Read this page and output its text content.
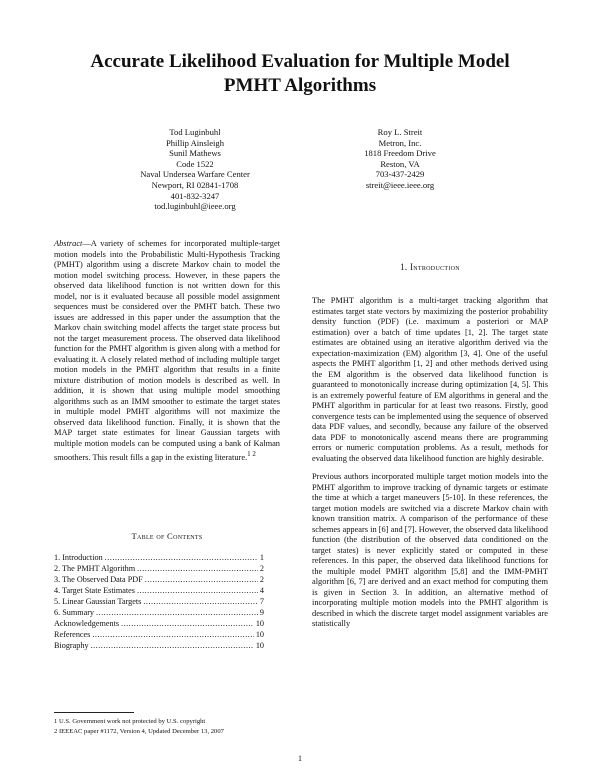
Accurate Likelihood Evaluation for Multiple Model
PMHT Algorithms
Tod Luginbuhl
Phillip Ainsleigh
Sunil Mathews
Code 1522
Naval Undersea Warfare Center
Newport, RI 02841-1708
401-832-3247
tod.luginbuhl@ieee.org
Roy L. Streit
Metron, Inc.
1818 Freedom Drive
Reston, VA
703-437-2429
streit@ieee.ieee.org

Abstract—A variety of schemes for incorporated multiple-target motion models into the Probabilistic Multi-Hypothesis Tracking (PMHT) algorithm using a discrete Markov chain to model the motion model switching process. However, in these papers the observed data likelihood function is not written down for this model, nor is it evaluated because all possible model assignment sequences must be considered over the PMHT batch. These two issues are addressed in this paper under the assumption that the Markov chain switching model affects the target state process but not the target measurement process. The observed data likelihood function for the PMHT algorithm is given along with a method for evaluating it. A closely related method of including multiple target motion models in the PMHT algorithm that results in a finite mixture distribution of motion models is described as well. In addition, it is shown that using multiple model smoothing algorithms such as an IMM smoother to estimate the target states in multiple model PMHT algorithms will not maximize the observed data likelihood function. Finally, it is shown that the MAP target state estimates for linear Gaussian targets with multiple motion models can be computed using a bank of Kalman smoothers. This result fills a gap in the existing literature.$^{1 2}$

Table of Contents
1. Introduction .....	1
2. The PMHT Algorithm .....	2
3. The Observed Data PDF .....	2
4. Target State Estimates .....	4
5. Linear Gaussian Targets .....	7
6. Summary .....	9
Acknowledgements .....	10
References .....	10
Biography .....	10
1. Introduction

The PMHT algorithm is a multi-target tracking algorithm that estimates target state vectors by maximizing the posterior probability density function (PDF) (i.e. maximum a posteriori or MAP estimation) over a batch of time updates [1, 2]. The target state estimates are obtained using an iterative algorithm derived via the expectation-maximization (EM) algorithm [3, 4]. One of the useful aspects the PMHT algorithm [1, 2] and other methods derived using the EM algorithm is the observed data likelihood function is guaranteed to monotonically increase during optimization [4, 5]. This is an extremely powerful feature of EM algorithms in general and the PMHT algorithm in particular for at least two reasons. Firstly, good convergence tests can be implemented using the sequence of observed data PDF values, and secondly, because any failure of the observed data PDF to monotonically ascend means there are programming errors or numeric computation problems. As a result, methods for evaluating the observed data likelihood function are highly desirable.

Previous authors incorporated multiple target motion models into the PMHT algorithm to improve tracking of dynamic targets or estimate the time at which a target maneuvers [5-10]. In these references, the target motion models are switched via a discrete Markov chain with known transition matrix. A comparison of the performance of these schemes appears in [6] and [7]. However, the observed data likelihood function (the distribution of the observed data conditioned on the target states) is never explicitly stated or computed in these references. In this paper, the observed data likelihood functions for the multiple model PMHT algorithm [5,8] and the IMM-PMHT algorithm [6, 7] are derived and an exact method for computing them is given in Section 3. In addition, an alternative method of incorporating multiple motion models into the PMHT algorithm is described in which the discrete target model assignment variables are statistically

1 U.S. Government work not protected by U.S. copyright
2 IEEEAC paper #1172, Version 4, Updated December 13, 2007
1
